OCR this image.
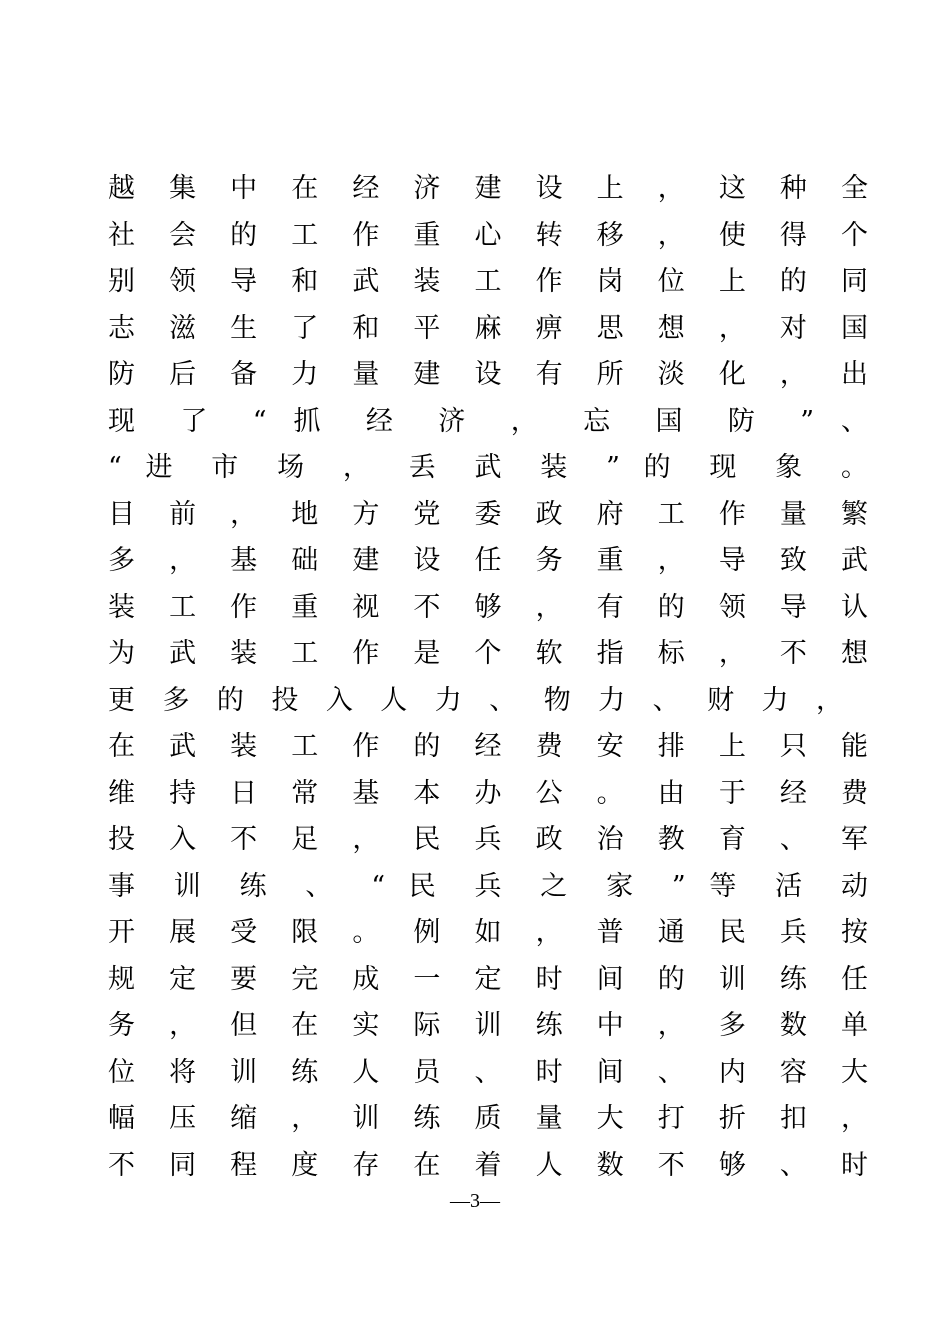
越 集 中 在 经 济 建 设 上 ， 这 种 全
社 会 的 工 作 重 心 转 移 ， 使 得 个
别 领 导 和 武 装 工 作 岗 位 上 的 同
志 滋 生 了 和 平 麻 痹 思 想 ， 对 国
防 后 备 力 量 建 设 有 所 淡 化 ， 出
现 了 “ 抓 经 济 ， 忘 国 防 ” 、
“ 进 市 场 ， 丢 武 装 ” 的 现 象 。
目 前 ， 地 方 党 委 政 府 工 作 量 繁
多 ， 基 础 建 设 任 务 重 ， 导 致 武
装 工 作 重 视 不 够 ， 有 的 领 导 认
为 武 装 工 作 是 个 软 指 标 ， 不 想
更 多 的 投 入 人 力 、 物 力 、 财 力 ，
在 武 装 工 作 的 经 费 安 排 上 只 能
维 持 日 常 基 本 办 公 。 由 于 经 费
投 入 不 足 ， 民 兵 政 治 教 育 、 军
事 训 练 、 “ 民 兵 之 家 ” 等 活 动
开 展 受 限 。 例 如 ， 普 通 民 兵 按
规 定 要 完 成 一 定 时 间 的 训 练 任
务 ， 但 在 实 际 训 练 中 ， 多 数 单
位 将 训 练 人 员 、 时 间 、 内 容 大
幅 压 缩 ， 训 练 质 量 大 打 折 扣 ，
不 同 程 度 存 在 着 人 数 不 够 、 时
—3—
